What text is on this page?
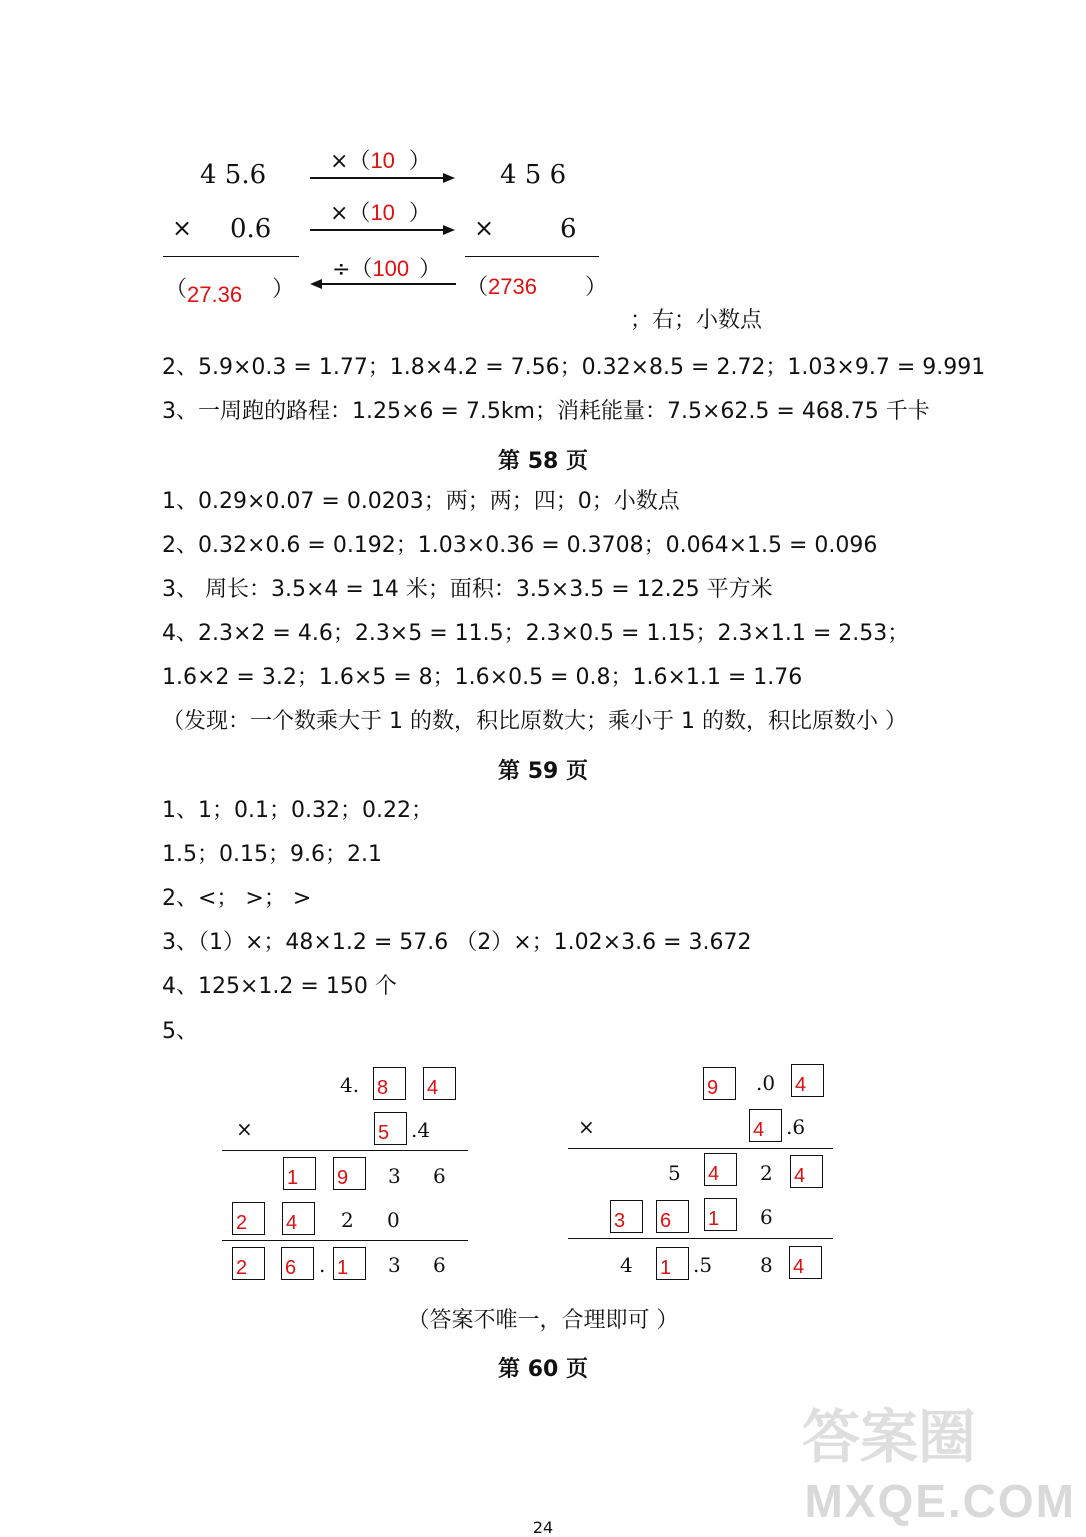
4 5.6
× 0.6
4 5 6
×	6
×（10 ）
×（10 ）
÷（100 ）
（27.36 ）	（2736 ）
；右；小数点
2、5.9×0.3 = 1.77；1.8×4.2 = 7.56；0.32×8.5 = 2.72；1.03×9.7 = 9.991
3、一周跑的路程：1.25×6 = 7.5km；消耗能量：7.5×62.5 = 468.75 千卡
第 58 页
1、0.29×0.07 = 0.0203；两；两；四；0；小数点
2、0.32×0.6 = 0.192；1.03×0.36 = 0.3708；0.064×1.5 = 0.096
3、 周长：3.5×4 = 14 米；面积：3.5×3.5 = 12.25 平方米
4、2.3×2 = 4.6；2.3×5 = 11.5；2.3×0.5 = 1.15；2.3×1.1 = 2.53；
1.6×2 = 3.2；1.6×5 = 8；1.6×0.5 = 0.8；1.6×1.1 = 1.76
（发现：一个数乘大于 1 的数，积比原数大；乘小于 1 的数，积比原数小 ）
第 59 页
1、1；0.1；0.32；0.22；
1.5；0.15；9.6；2.1
2、<； >； >
3、（1）×；48×1.2 = 57.6 （2）×；1.02×3.6 = 3.672
4、125×1.2 = 150 个
5、
4. 8 4
×	5 .4
1 9 3 6
2 4 2 0
2 6 . 1 3 6
9 .0 4
×	4 .6
5 4 2 4
3 6 1 6
4 1 .5 8 4
（答案不唯一，合理即可 ）
第 60 页
24
答案圈
MXQE.COM
